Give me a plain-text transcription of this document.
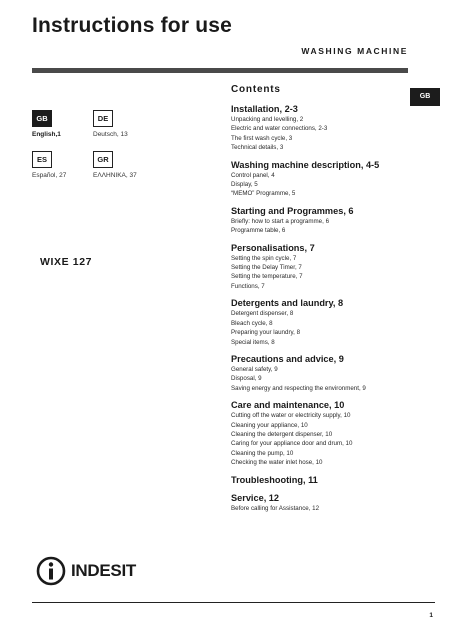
Instructions for use
WASHING MACHINE
GB
GB
English,1
DE
Deutsch, 13
ES
Español, 27
GR
ΕΛΛΗΝΙΚΑ, 37
WIXE 127
Contents
Installation, 2-3
Unpacking and levelling, 2
Electric and water connections, 2-3
The first wash cycle, 3
Technical details, 3
Washing machine description, 4-5
Control panel, 4
Display, 5
“MEMO” Programme, 5
Starting and Programmes, 6
Briefly: how to start a programme, 6
Programme table, 6
Personalisations, 7
Setting the spin cycle, 7
Setting the Delay Timer, 7
Setting the temperature, 7
Functions, 7
Detergents and laundry, 8
Detergent dispenser, 8
Bleach cycle, 8
Preparing your laundry, 8
Special items, 8
Precautions and advice, 9
General safety, 9
Disposal, 9
Saving energy and respecting the environment, 9
Care and maintenance, 10
Cutting off the water or electricity supply, 10
Cleaning your appliance, 10
Cleaning the detergent dispenser, 10
Caring for your appliance door and drum, 10
Cleaning the pump, 10
Checking the water inlet hose, 10
Troubleshooting, 11
Service, 12
Before calling for Assistance, 12
INDESIT
1
